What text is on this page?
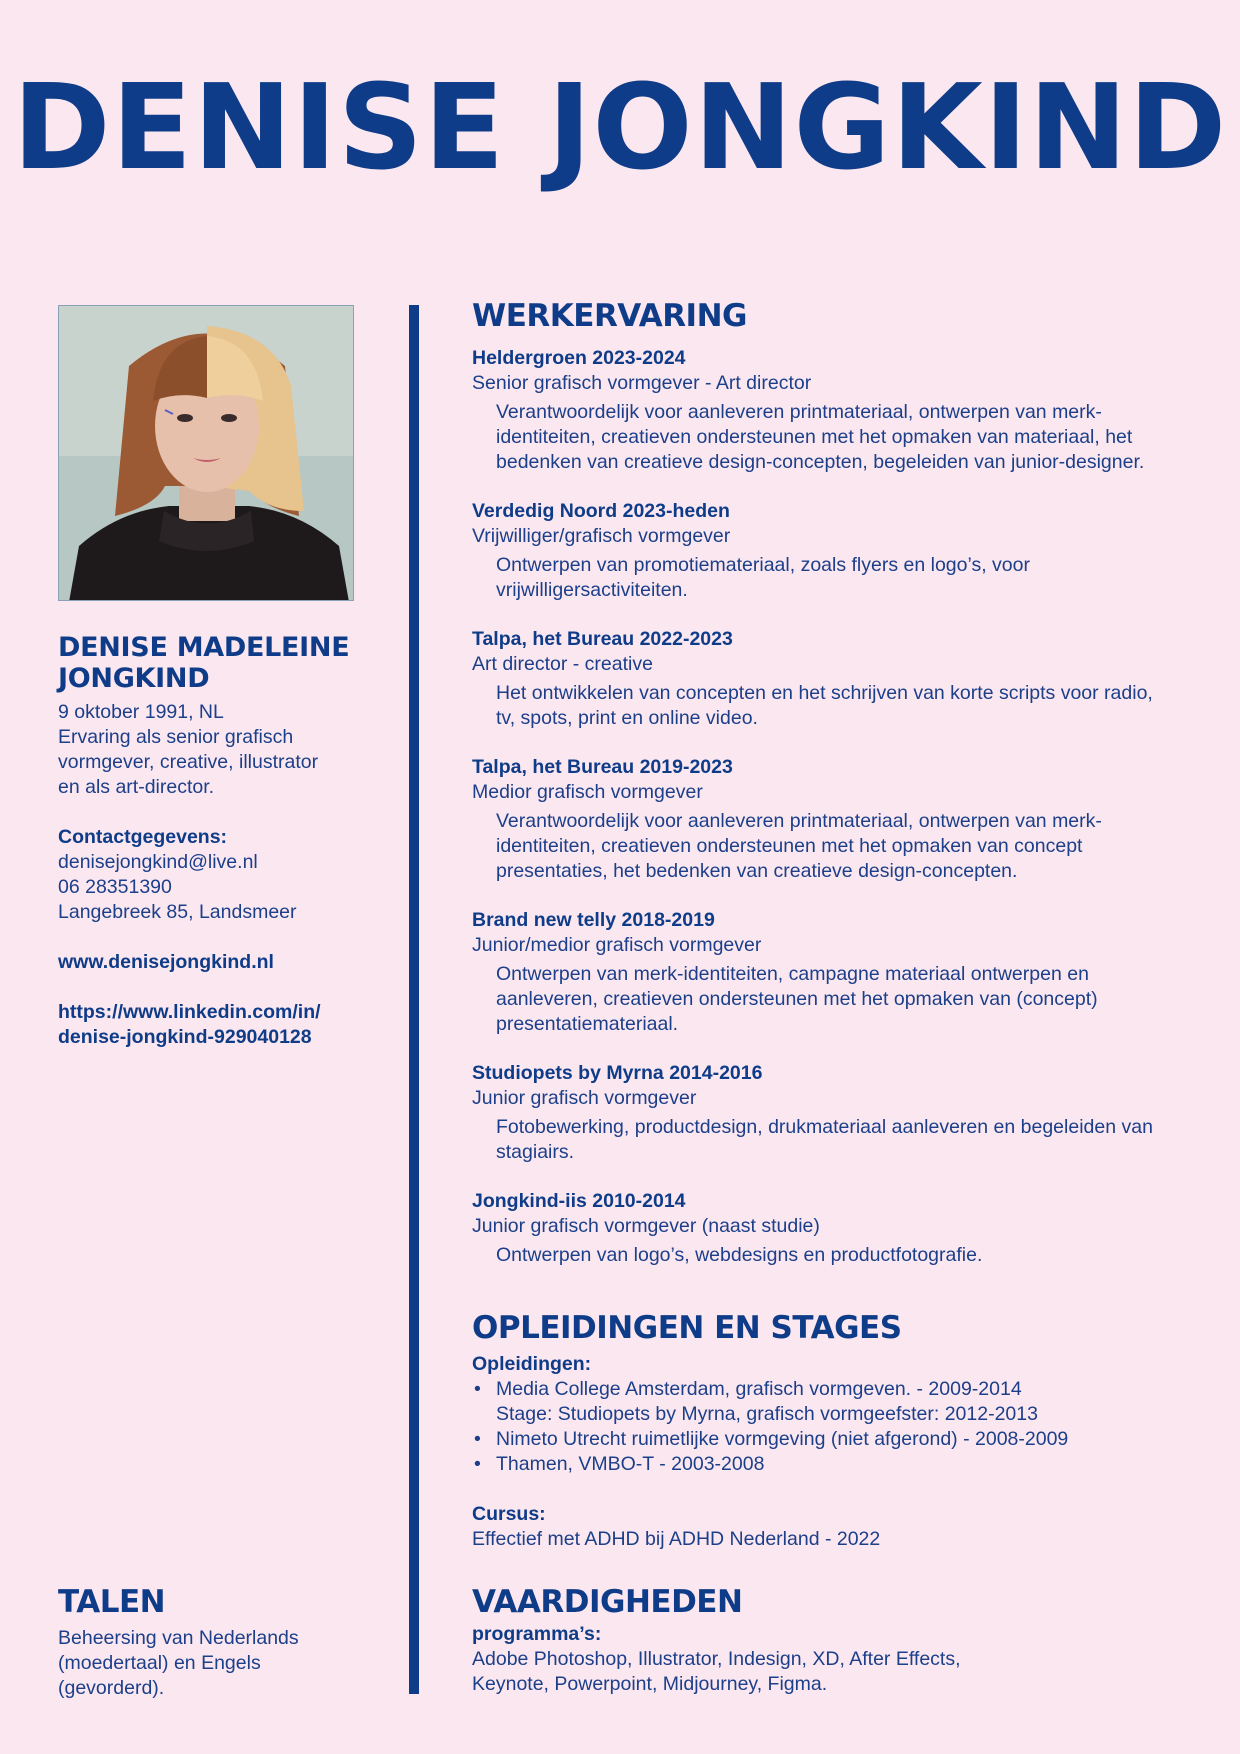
DENISE JONGKIND
DENISE MADELEINE
JONGKIND
9 oktober 1991, NL
Ervaring als senior grafisch
vormgever, creative, illustrator
en als art-director.
Contactgegevens:
denisejongkind@live.nl
06 28351390
Langebreek 85, Landsmeer
www.denisejongkind.nl
https://www.linkedin.com/in/
denise-jongkind-929040128
TALEN
Beheersing van Nederlands
(moedertaal) en Engels
(gevorderd).
WERKERVARING
Heldergroen 2023-2024
Senior grafisch vormgever - Art director
Verantwoordelijk voor aanleveren printmateriaal, ontwerpen van merk-
identiteiten, creatieven ondersteunen met het opmaken van materiaal, het
bedenken van creatieve design-concepten, begeleiden van junior-designer.
Verdedig Noord 2023-heden
Vrijwilliger/grafisch vormgever
Ontwerpen van promotiemateriaal, zoals flyers en logo’s, voor
vrijwilligersactiviteiten.
Talpa, het Bureau 2022-2023
Art director - creative
Het ontwikkelen van concepten en het schrijven van korte scripts voor radio,
tv, spots, print en online video.
Talpa, het Bureau 2019-2023
Medior grafisch vormgever
Verantwoordelijk voor aanleveren printmateriaal, ontwerpen van merk-
identiteiten, creatieven ondersteunen met het opmaken van concept
presentaties, het bedenken van creatieve design-concepten.
Brand new telly 2018-2019
Junior/medior grafisch vormgever
Ontwerpen van merk-identiteiten, campagne materiaal ontwerpen en
aanleveren, creatieven ondersteunen met het opmaken van (concept)
presentatiemateriaal.
Studiopets by Myrna 2014-2016
Junior grafisch vormgever
Fotobewerking, productdesign, drukmateriaal aanleveren en begeleiden van
stagiairs.
Jongkind-iis 2010-2014
Junior grafisch vormgever (naast studie)
Ontwerpen van logo’s, webdesigns en productfotografie.
OPLEIDINGEN EN STAGES
Opleidingen:
• Media College Amsterdam, grafisch vormgeven. - 2009-2014
Stage: Studiopets by Myrna, grafisch vormgeefster: 2012-2013
• Nimeto Utrecht ruimetlijke vormgeving (niet afgerond) - 2008-2009
• Thamen, VMBO-T - 2003-2008
Cursus:
Effectief met ADHD bij ADHD Nederland - 2022
VAARDIGHEDEN
programma’s:
Adobe Photoshop, Illustrator, Indesign, XD, After Effects,
Keynote, Powerpoint, Midjourney, Figma.
